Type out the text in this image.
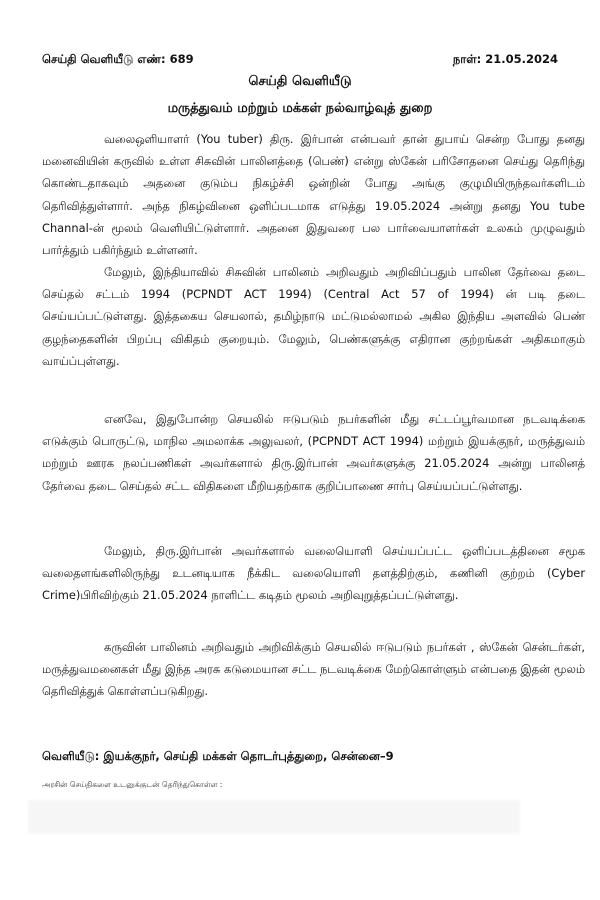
செய்தி வெளியீடு எண்: 689	நாள்: 21.05.2024
செய்தி வெளியீடு
மருத்துவம் மற்றும் மக்கள் நல்வாழ்வுத் துறை

வலைஒளியாளர் (You tuber) திரு. இர்பான் என்பவர் தான் துபாய் சென்ற போது தனது மனைவியின் கருவில் உள்ள சிசுவின் பாலினத்தை (பெண்) என்று ஸ்கேன் பரிசோதனை செய்து தெரிந்து கொண்டதாகவும் அதனை குடும்ப நிகழ்ச்சி ஒன்றின் போது அங்கு குழுமியிருந்தவர்களிடம் தெரிவித்துள்ளார். அந்த நிகழ்வினை ஒளிப்படமாக எடுத்து 19.05.2024 அன்று தனது You tube Channal-ன் மூலம் வெளியிட்டுள்ளார். அதனை இதுவரை பல பார்வையாளர்கள் உலகம் முழுவதும் பார்த்தும் பகிர்ந்தும் உள்ளனர்.

மேலும், இந்தியாவில் சிசுவின் பாலினம் அறிவதும் அறிவிப்பதும் பாலின தேர்வை தடை செய்தல் சட்டம் 1994 (PCPNDT ACT 1994) (Central Act 57 of 1994) ன் படி தடை செய்யப்பட்டுள்ளது. இத்தகைய செயலால், தமிழ்நாடு மட்டுமல்லாமல் அகில இந்திய அளவில் பெண் குழந்தைகளின் பிறப்பு விகிதம் குறையும். மேலும், பெண்களுக்கு எதிரான குற்றங்கள் அதிகமாகும் வாய்ப்புள்ளது.

எனவே, இதுபோன்ற செயலில் ஈடுபடும் நபர்களின் மீது சட்டப்பூர்வமான நடவடிக்கை எடுக்கும் பொருட்டு, மாநில அமலாக்க அலுவலர், (PCPNDT ACT 1994) மற்றும் இயக்குநர், மருத்துவம் மற்றும் ஊரக நலப்பணிகள் அவர்களால் திரு.இர்பான் அவர்களுக்கு 21.05.2024 அன்று பாலினத் தேர்வை தடை செய்தல் சட்ட விதிகளை மீறியதற்காக குறிப்பாணை சார்பு செய்யப்பட்டுள்ளது.

மேலும், திரு.இர்பான் அவர்களால் வலையொளி செய்யப்பட்ட ஒளிப்படத்தினை சமூக வலைதளங்களிலிருந்து உடனடியாக நீக்கிட வலையொளி தளத்திற்கும், கணினி குற்றம் (Cyber Crime)பிரிவிற்கும் 21.05.2024 நாளிட்ட கடிதம் மூலம் அறிவுறுத்தப்பட்டுள்ளது.

கருவின் பாலினம் அறிவதும் அறிவிக்கும் செயலில் ஈடுபடும் நபர்கள் , ஸ்கேன் சென்டர்கள், மருத்துவமனைகள் மீது இந்த அரசு கடுமையான சட்ட நடவடிக்கை மேற்கொள்ளும் என்பதை இதன் மூலம் தெரிவித்துக் கொள்ளப்படுகிறது.

வெளியீடு: இயக்குநர், செய்தி மக்கள் தொடர்புத்துறை, சென்னை–9
அரசின் செய்திகளை உடனுக்குடன் தெரிந்துகொள்ள :
